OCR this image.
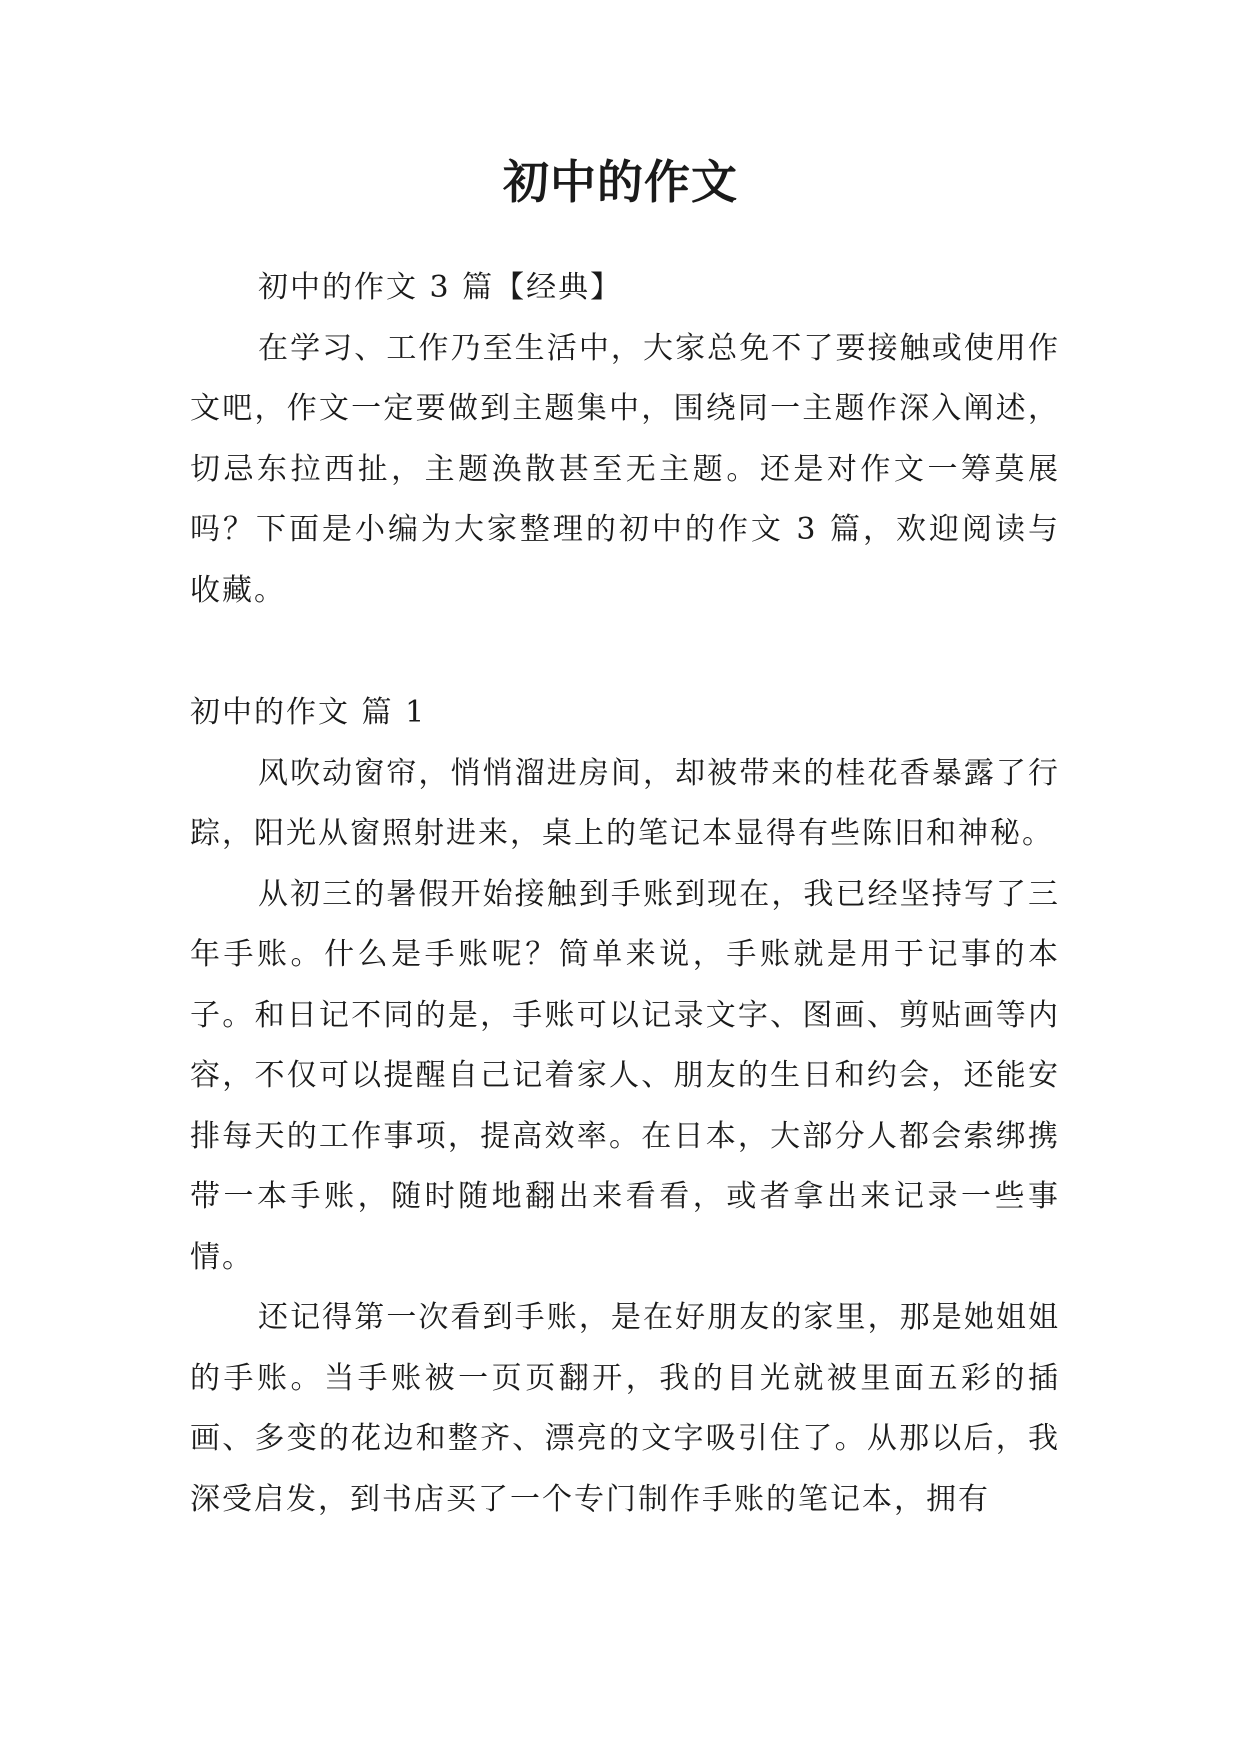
初中的作文

初中的作文 3 篇【经典】

在学习、工作乃至生活中，大家总免不了要接触或使用作文吧，作文一定要做到主题集中，围绕同一主题作深入阐述，切忌东拉西扯，主题涣散甚至无主题。还是对作文一筹莫展吗？下面是小编为大家整理的初中的作文 3 篇，欢迎阅读与收藏。

初中的作文 篇 1

风吹动窗帘，悄悄溜进房间，却被带来的桂花香暴露了行踪，阳光从窗照射进来，桌上的笔记本显得有些陈旧和神秘。

从初三的暑假开始接触到手账到现在，我已经坚持写了三年手账。什么是手账呢？简单来说，手账就是用于记事的本子。和日记不同的是，手账可以记录文字、图画、剪贴画等内容，不仅可以提醒自己记着家人、朋友的生日和约会，还能安排每天的工作事项，提高效率。在日本，大部分人都会索绑携带一本手账，随时随地翻出来看看，或者拿出来记录一些事情。

还记得第一次看到手账，是在好朋友的家里，那是她姐姐的手账。当手账被一页页翻开，我的目光就被里面五彩的插画、多变的花边和整齐、漂亮的文字吸引住了。从那以后，我深受启发，到书店买了一个专门制作手账的笔记本，拥有
